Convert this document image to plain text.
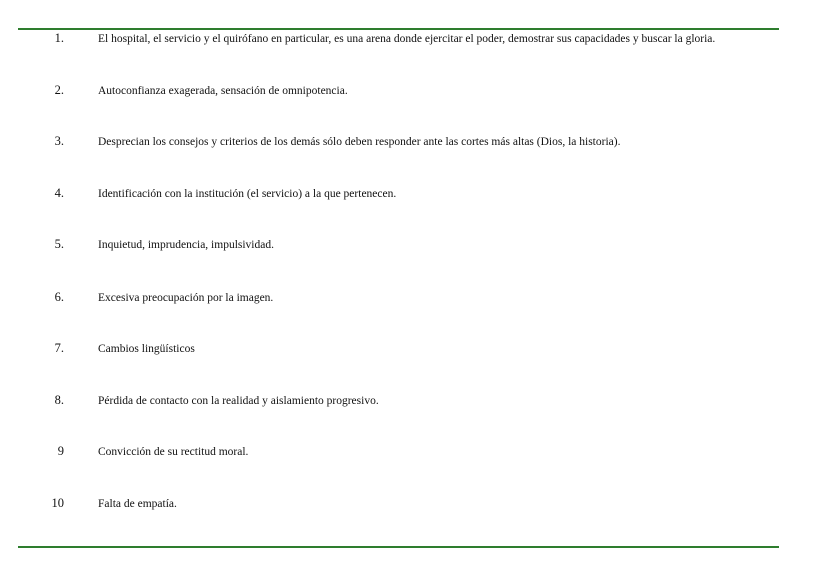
1.	El hospital, el servicio y el quirófano en particular, es una arena donde ejercitar el poder, demostrar sus capacidades y buscar la gloria.
2.	Autoconfianza exagerada, sensación de omnipotencia.
3.	Desprecian los consejos y criterios de los demás sólo deben responder ante las cortes más altas (Dios, la historia).
4.	Identificación con la institución (el servicio) a la que pertenecen.
5.	Inquietud, imprudencia, impulsividad.
6.	Excesiva preocupación por la imagen.
7.	Cambios lingüísticos
8.	Pérdida de contacto con la realidad y aislamiento progresivo.
9	Convicción de su rectitud moral.
10	Falta de empatía.
